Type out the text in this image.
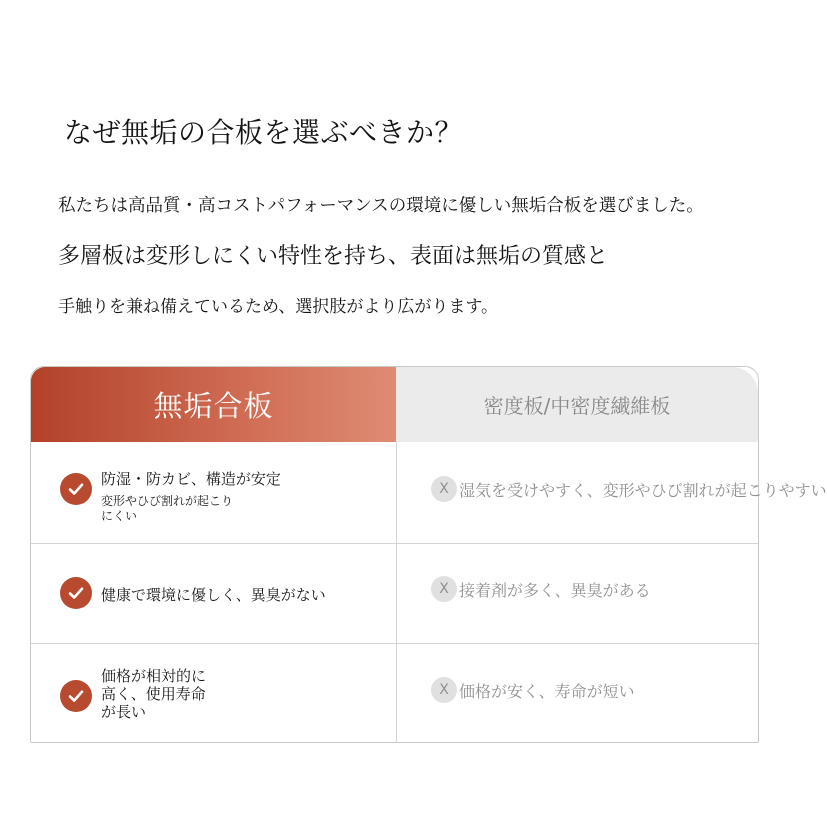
なぜ無垢の合板を選ぶべきか？
私たちは高品質・高コストパフォーマンスの環境に優しい無垢合板を選びました。
多層板は変形しにくい特性を持ち、表面は無垢の質感と
手触りを兼ね備えているため、選択肢がより広がります。
無垢合板	密度板/中密度繊維板
防湿・防カビ、構造が安定
変形やひび割れが起こり
にくい
X 湿気を受けやすく、変形やひび割れが起こりやすい
健康で環境に優しく、異臭がない	X 接着剤が多く、異臭がある
価格が相対的に
高く、使用寿命
が長い
X 価格が安く、寿命が短い
